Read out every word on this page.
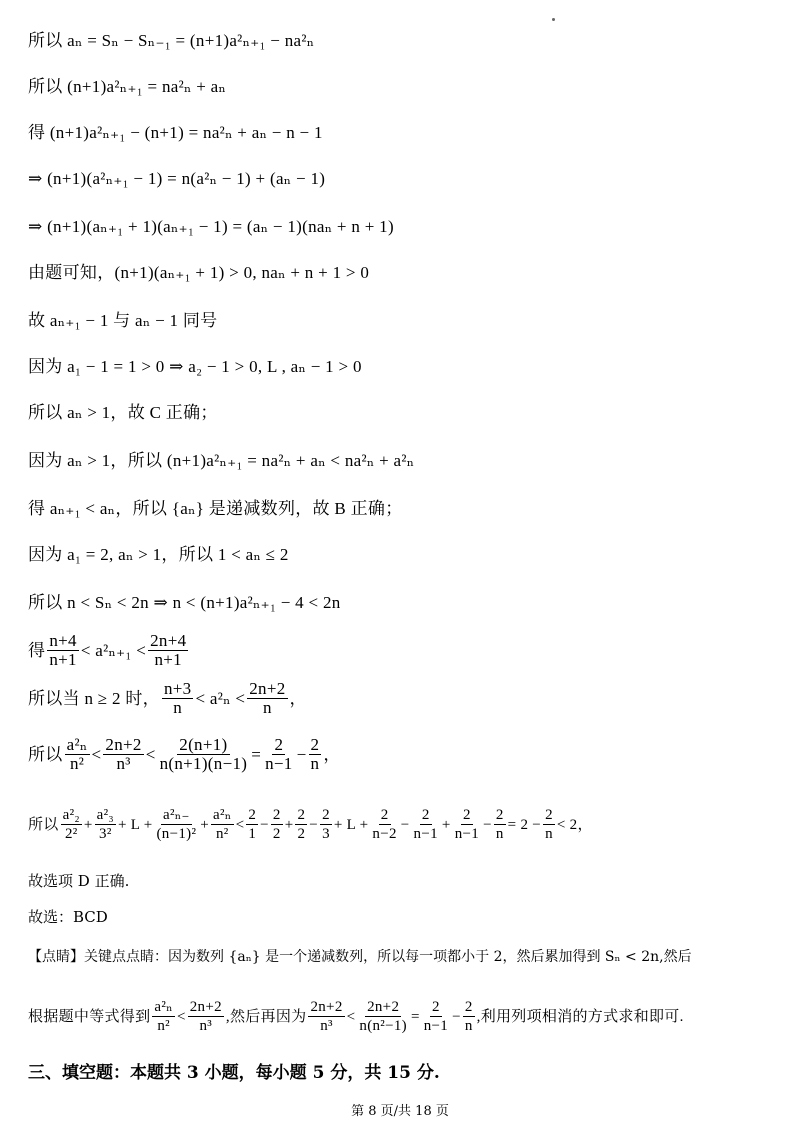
所以 aₙ = Sₙ − Sₙ₋₁ = (n+1)a²ₙ₊₁ − na²ₙ
所以 (n+1)a²ₙ₊₁ = na²ₙ + aₙ
得 (n+1)a²ₙ₊₁ − (n+1) = na²ₙ + aₙ − n − 1
⇒ (n+1)(a²ₙ₊₁ − 1) = n(a²ₙ − 1) + (aₙ − 1)
⇒ (n+1)(aₙ₊₁ + 1)(aₙ₊₁ − 1) = (aₙ − 1)(naₙ + n + 1)
由题可知，(n+1)(aₙ₊₁ + 1) > 0, naₙ + n + 1 > 0
故 aₙ₊₁ − 1 与 aₙ − 1 同号
因为 a₁ − 1 = 1 > 0 ⇒ a₂ − 1 > 0, L , aₙ − 1 > 0
所以 aₙ > 1，故 C 正确；
因为 aₙ > 1，所以 (n+1)a²ₙ₊₁ = na²ₙ + aₙ < na²ₙ + a²ₙ
得 aₙ₊₁ < aₙ，所以 {aₙ} 是递减数列，故 B 正确；
因为 a₁ = 2, aₙ > 1，所以 1 < aₙ ≤ 2
所以 n < Sₙ < 2n ⇒ n < (n+1)a²ₙ₊₁ − 4 < 2n
得 $\frac{n+4}{n+1} < a^2_{n+1} < \frac{2n+4}{n+1}$
所以当 n ≥ 2 时， $\frac{n+3}{n} < a^2_n < \frac{2n+2}{n}$ ，
所以 $\frac{\text{a²ₙ}}{\text{n²}} < \frac{2n+2}{\text{n³}} < \frac{2(n+1)}{n(n+1)(n-1)} = \frac{2}{n-1} - \frac{2}{n}$ ，
所以 $\frac{\text{a²₂}}{\text{2²}} + \frac{\text{a²₃}}{\text{3²}} + L + \frac{\text{a²ₙ₋}}{\text{(n−1)²}} + \frac{\text{a²ₙ}}{\text{n²}} < \frac{2}{1} - \frac{2}{2} + \frac{2}{2} - \frac{2}{3} + L + \frac{2}{n-2} - \frac{2}{n-1} + \frac{2}{n-1} - \frac{2}{n} = 2 - \frac{2}{n} < 2$，
故选项 D 正确.
故选：BCD
【点睛】关键点点睛：因为数列 {aₙ} 是一个递减数列，所以每一项都小于 2，然后累加得到 Sₙ < 2n,然后
根据题中等式得到 $\frac{\text{a²ₙ}}{\text{n²}} < \frac{2n+2}{\text{n³}}$ ,然后再因为 $\frac{2n+2}{\text{n³}} < \frac{2n+2}{\text{n(n²−1)}} = \frac{2}{n-1} - \frac{2}{n}$ ,利用列项相消的方式求和即可.
三、填空题：本题共 3 小题，每小题 5 分，共 15 分.
第 8 页/共 18 页
